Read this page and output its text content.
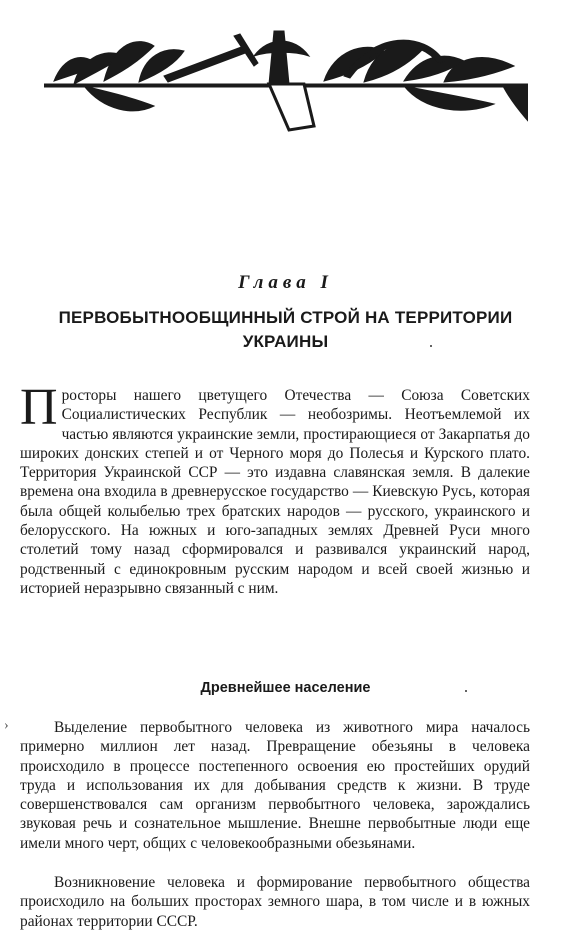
Глава I
ПЕРВОБЫТНООБЩИННЫЙ СТРОЙ НА ТЕРРИТОРИИ
УКРАИНЫ
Просторы нашего цветущего Отечества — Союза Советских Социалистических Республик — необозримы. Неотъемлемой их частью являются украинские земли, простирающиеся от Закарпатья до широких донских степей и от Черного моря до Полесья и Курского плато. Территория Украинской ССР — это издавна славянская земля. В далекие времена она входила в древнерусское государство — Киевскую Русь, которая была общей колыбелью трех братских народов — русского, украинского и белорусского. На южных и юго-западных землях Древней Руси много столетий тому назад сформировался и развивался украинский народ, родственный с единокровным русским народом и всей своей жизнью и историей неразрывно связанный с ним.
Древнейшее население
›	Выделение первобытного человека из животного мира началось примерно миллион лет назад. Превращение обезьяны в человека происходило в процессе постепенного освоения ею простейших орудий труда и использования их для добывания средств к жизни. В труде совершенствовался сам организм первобытного человека, зарождались звуковая речь и сознательное мышление. Внешне первобытные люди еще имели много черт, общих с человекообразными обезьянами.
Возникновение человека и формирование первобытного общества происходило на больших просторах земного шара, в том числе и в южных районах территории СССР.
